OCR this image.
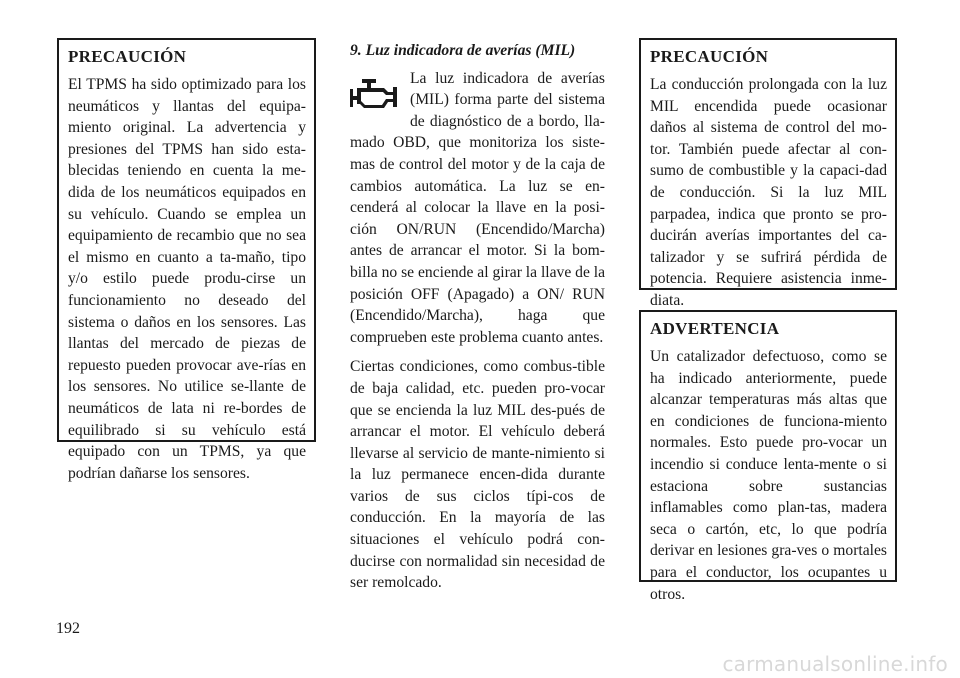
PRECAUCIÓN

El TPMS ha sido optimizado para los neumáticos y llantas del equipa-miento original. La advertencia y presiones del TPMS han sido esta-blecidas teniendo en cuenta la me-dida de los neumáticos equipados en su vehículo. Cuando se emplea un equipamiento de recambio que no sea el mismo en cuanto a ta-maño, tipo y/o estilo puede produ-cirse un funcionamiento no deseado del sistema o daños en los sensores. Las llantas del mercado de piezas de repuesto pueden provocar ave-rías en los sensores. No utilice se-llante de neumáticos de lata ni re-bordes de equilibrado si su vehículo está equipado con un TPMS, ya que podrían dañarse los sensores.

9. Luz indicadora de averías (MIL)

La luz indicadora de averías (MIL) forma parte del sistema de diagnóstico de a bordo, lla-mado OBD, que monitoriza los siste-mas de control del motor y de la caja de cambios automática. La luz se en-cenderá al colocar la llave en la posi-ción ON/RUN (Encendido/Marcha) antes de arrancar el motor. Si la bom-billa no se enciende al girar la llave de la posición OFF (Apagado) a ON/ RUN (Encendido/Marcha), haga que comprueben este problema cuanto antes.

Ciertas condiciones, como combus-tible de baja calidad, etc. pueden pro-vocar que se encienda la luz MIL des-pués de arrancar el motor. El vehículo deberá llevarse al servicio de mante-nimiento si la luz permanece encen-dida durante varios de sus ciclos típi-cos de conducción. En la mayoría de las situaciones el vehículo podrá con-ducirse con normalidad sin necesidad de ser remolcado.

PRECAUCIÓN

La conducción prolongada con la luz MIL encendida puede ocasionar daños al sistema de control del mo-tor. También puede afectar al con-sumo de combustible y la capaci-dad de conducción. Si la luz MIL parpadea, indica que pronto se pro-ducirán averías importantes del ca-talizador y se sufrirá pérdida de potencia. Requiere asistencia inme-diata.

ADVERTENCIA

Un catalizador defectuoso, como se ha indicado anteriormente, puede alcanzar temperaturas más altas que en condiciones de funciona-miento normales. Esto puede pro-vocar un incendio si conduce lenta-mente o si estaciona sobre sustancias inflamables como plan-tas, madera seca o cartón, etc, lo que podría derivar en lesiones gra-ves o mortales para el conductor, los ocupantes u otros.

192
carmanualsonline.info
